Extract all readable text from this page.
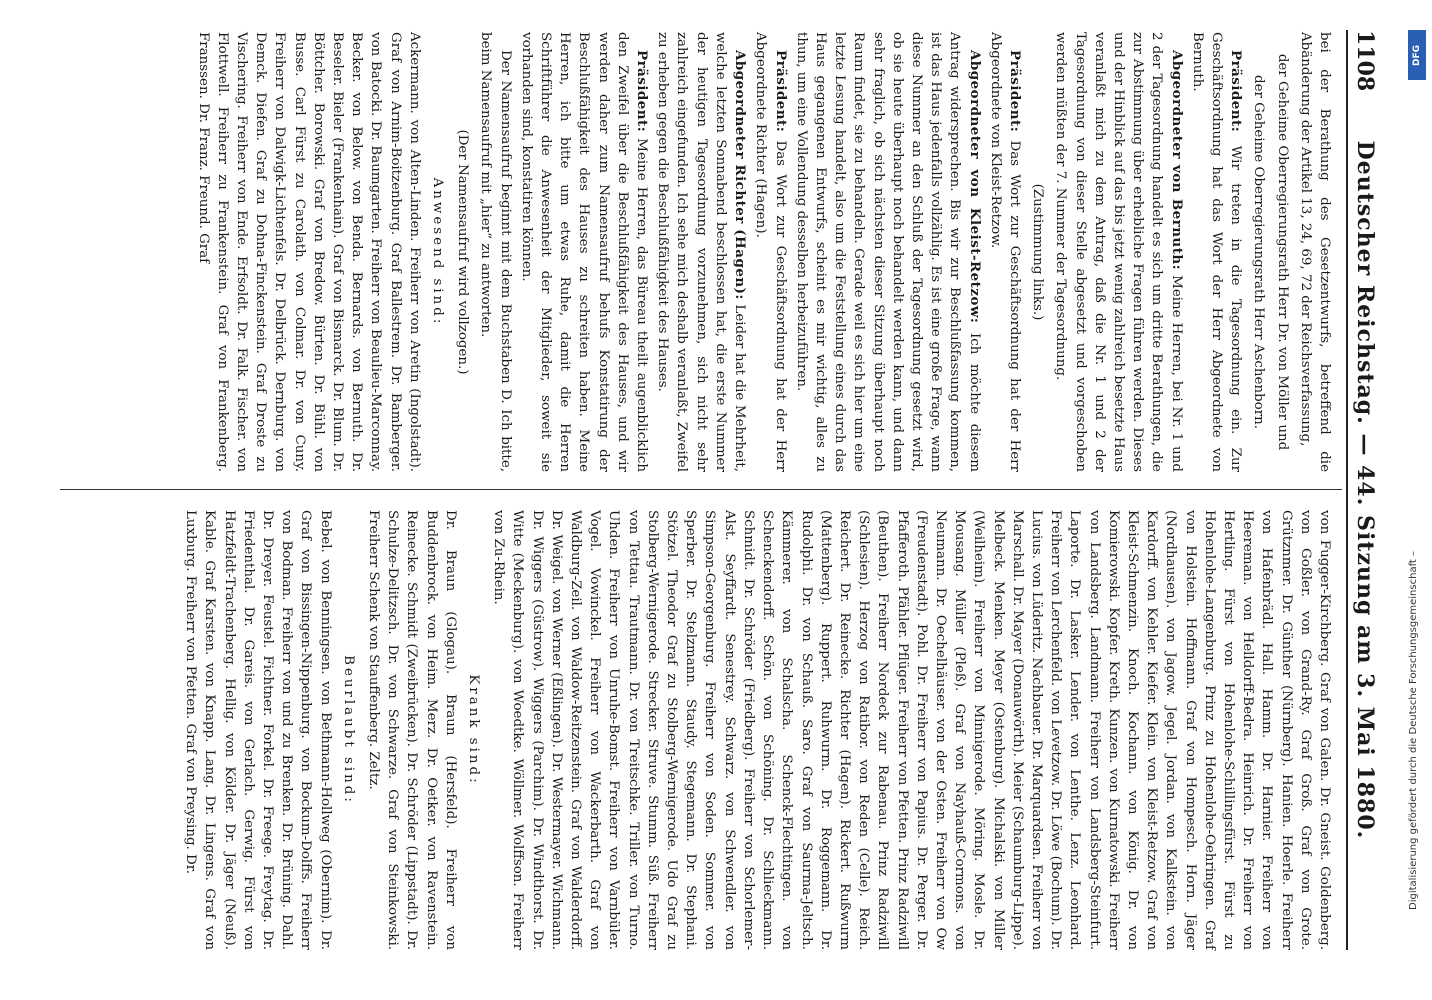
1108
Deutscher Reichstag. — 44. Sitzung am 3. Mai 1880.

bei der Berathung des Gesetzentwurfs, betreffend die Abänderung der Artikel 13, 24, 69, 72 der Reichsverfassung,

der Geheime Oberregierungsrath Herr Dr. von Möller und

der Geheime Oberregierungsrath Herr Aschenborn.

Präsident: Wir treten in die Tagesordnung ein. Zur Geschäftsordnung hat das Wort der Herr Abgeordnete von Bernuth.

Abgeordneter von Bernuth: Meine Herren, bei Nr. 1 und 2 der Tagesordnung handelt es sich um dritte Berathungen, die zur Abstimmung über erhebliche Fragen führen werden. Dieses und der Hinblick auf das bis jetzt wenig zahlreich besetzte Haus veranlaßt mich zu dem Antrag, daß die Nr. 1 und 2 der Tagesordnung von dieser Stelle abgesetzt und vorgeschoben werden müßten der 7. Nummer der Tagesordnung.

(Zustimmung links.)

Präsident: Das Wort zur Geschäftsordnung hat der Herr Abgeordnete von Kleist-Retzow.

Abgeordneter von Kleist-Retzow: Ich möchte diesem Antrag widersprechen. Bis wir zur Beschlußfassung kommen, ist das Haus jedenfalls vollzählig. Es ist eine große Frage, wann diese Nummer an den Schluß der Tagesordnung gesetzt wird, ob sie heute überhaupt noch behandelt werden kann, und dann sehr fraglich, ob sich nächsten dieser Sitzung überhaupt noch Raum findet, sie zu behandeln. Gerade weil es sich hier um eine letzte Lesung handelt, also um die Feststellung eines durch das Haus gegangenen Entwurfs, scheint es mir wichtig, alles zu thun, um eine Vollendung desselben herbeizuführen.

Präsident: Das Wort zur Geschäftsordnung hat der Herr Abgeordnete Richter (Hagen).

Abgeordneter Richter (Hagen): Leider hat die Mehrheit, welche letzten Sonnabend beschlossen hat, die erste Nummer der heutigen Tagesordnung vorzunehmen, sich nicht sehr zahlreich eingefunden. Ich sehe mich deshalb veranlaßt, Zweifel zu erheben gegen die Beschlußfähigkeit des Hauses.

Präsident: Meine Herren, das Büreau theilt augenblicklich den Zweifel über die Beschlußfähigkeit des Hauses, und wir werden daher zum Namensaufruf behufs Konstatirung der Beschlußfähigkeit des Hauses zu schreiten haben. Meine Herren, ich bitte um etwas Ruhe, damit die Herren Schriftführer die Anwesenheit der Mitglieder, soweit sie vorhanden sind, konstatiren können.

Der Namensaufruf beginnt mit dem Buchstaben D. Ich bitte, beim Namensaufruf mit „hier“ zu antworten.

(Der Namensaufruf wird vollzogen.)

Anwesend sind:

Ackermann. von Alten-Linden. Freiherr von Aretin (Ingolstadt). Graf von Arnim-Boitzenburg. Graf Ballestrem. Dr. Bamberger. von Batocki. Dr. Baumgarten. Freiherr von Beaulieu-Marconnay. Becker. von Below. von Benda. Bernards. von Bernuth. Dr. Beseler. Bieler (Frankenhain). Graf von Bismarck. Dr. Blum. Dr. Böttcher. Borowski. Graf von Bredow. Bürten. Dr. Bühl. von Busse. Carl Fürst zu Carolath. von Colmar. Dr. von Cuny. Freiherr von Dalwigk-Lichtenfels. Dr. Delbrück. Dernburg. von Demck. Diefen. Graf zu Dohna-Finckenstein. Graf Droste zu Vischering. Freiherr von Ende. Erfsoldt. Dr. Falk. Fischer. von Flottwell. Freiherr zu Frankenstein. Graf von Frankenberg. Franssen. Dr. Franz. Freund. Graf

von Fugger-Kirchberg. Graf von Galen. Dr. Gneist. Goldenberg. von Goßler. von Grand-Ry. Graf Groß. Graf von Grote. Grütznmer. Dr. Günther (Nürnberg). Hanien. Hoerle. Freiherr von Hafenbrädl. Hall. Hamm. Dr. Harnier. Freiherr von Heereman. von Helldorff-Bedra. Heinrich. Dr. Freiherr von Hertling. Fürst von Hohenlohe-Schillingsfürst. Fürst zu Hohenlohe-Langenburg. Prinz zu Hohenlohe-Oehringen. Graf von Holstein. Hoffmann. Graf von Hompesch. Horn. Jäger (Nordhausen). von Jagow. Jegel. Jordan. von Kalkstein. von Kardorff. von Kehler. Kiefer. Klein. von Kleist-Retzow. Graf von Kleist-Schmenzin. Knoch. Kochann. von König. Dr. von Komierowski. Kopfer. Kreth. Kunzen. von Kurnatowski. Freiherr von Landsberg. Landmann. Freiherr von Landsberg-Steinfurt. Laporte. Dr. Lasker. Lender. von Lenthe. Lenz. Leonhard. Freiherr von Lerchenfeld. von Levetzow. Dr. Löwe (Bochum). Dr. Lucius. von Lüderitz. Nachbauer. Dr. Marquardsen. Freiherr von Marschall. Dr. Mayer (Donauwörth). Meier (Schaumburg-Lippe). Melbeck. Menken. Meyer (Ostenburg). Michalski. von Miller (Weilheim). Freiherr von Minnigerode. Möring. Mosle. Dr. Mousang. Müller (Pleß). Graf von Nayhauß-Cormons. von Neumann. Dr. Oechelhäuser. von der Osten. Freiherr von Ow (Freudenstadt). Pohl. Dr. Freiherr von Papius. Dr. Perger. Dr. Pfafferoth. Pfähler. Pflüger. Freiherr von Pfetten. Prinz Radziwill (Beuthen). Freiherr Nordeck zur Rabenau. Prinz Radziwill (Schlesien). Herzog von Ratibor. von Reden (Celle). Reich. Reichert. Dr. Reinecke. Richter (Hagen). Rickert. Rußwurm (Mattenberg). Ruppert. Ruhwurm. Dr. Roggemann. Dr. Rudolphi. Dr. von Schauß. Saro. Graf von Saurma-Jeltsch. Kämmerer. von Schalscha. Schenck-Flechtingen. von Schenckendorff. Schön. von Schöning. Dr. Schlieckmann. Schmidt. Dr. Schröder (Friedberg). Freiherr von Schorlemer-Alst. Seyffardt. Senestrey. Schwarz. von Schwendler. von Simpson-Georgenburg. Freiherr von Soden. Sommer. von Sperber. Dr. Stelzmann. Staudy. Stegemann. Dr. Stephani. Stötzel. Theodor Graf zu Stolberg-Wernigerode. Udo Graf zu Stolberg-Wernigerode. Strecker. Struve. Stumm. Süß. Freiherr von Tettau. Trautmann. Dr. von Treitschke. Triller. von Turno. Uhden. Freiherr von Unruhe-Bomst. Freiherr von Varnbüler. Vogel. Vowinckel. Freiherr von Wackerbarth. Graf von Waldburg-Zeil. von Waldow-Reitzenstein. Graf von Walderdorff. Dr. Weigel. von Werner (Eßlingen). Dr. Westermayer. Wichmann. Dr. Wiggers (Güstrow). Wiggers (Parchim). Dr. Windthorst. Dr. Witte (Meckenburg). von Woedtke. Wöllmer. Wolffson. Freiherr von Zu-Rhein.

Krank sind:

Dr. Braun (Glogau). Braun (Hersfeld). Freiherr von Buddenbrock. von Heim. Merz. Dr. Oetker. von Ravenstein. Reinecke. Schmidt (Zweibrücken). Dr. Schröder (Lippstadt). Dr. Schulze-Delitzsch. Dr. von Schwarze. Graf von Steinkowski. Freiherr Schenk von Stauffenberg. Zeltz.

Beurlaubt sind:

Bebel. von Benningsen. von Bethmann-Hollweg (Obernim). Dr. Graf von Bissingen-Nippenburg. von Bockum-Dolffs. Freiherr von Bodman. Freiherr von und zu Brenken. Dr. Brüning. Dahl. Dr. Dreyer. Feustel. Fichtner. Forkel. Dr. Freege. Freytag. Dr. Friedenthal. Dr. Gareis. von Gerlach. Gerwig. Fürst von Hatzfeldt-Trachenberg. Hellig. von Kölder. Dr. Jäger (Neuß). Kable. Graf Karsten. von Knapp. Lang. Dr. Lingens. Graf von Luxburg. Freiherr von Pfetten. Graf von Preysing. Dr.

DFG
Digitalisierung gefördert durch die Deutsche Forschungsgemeinschaft –
